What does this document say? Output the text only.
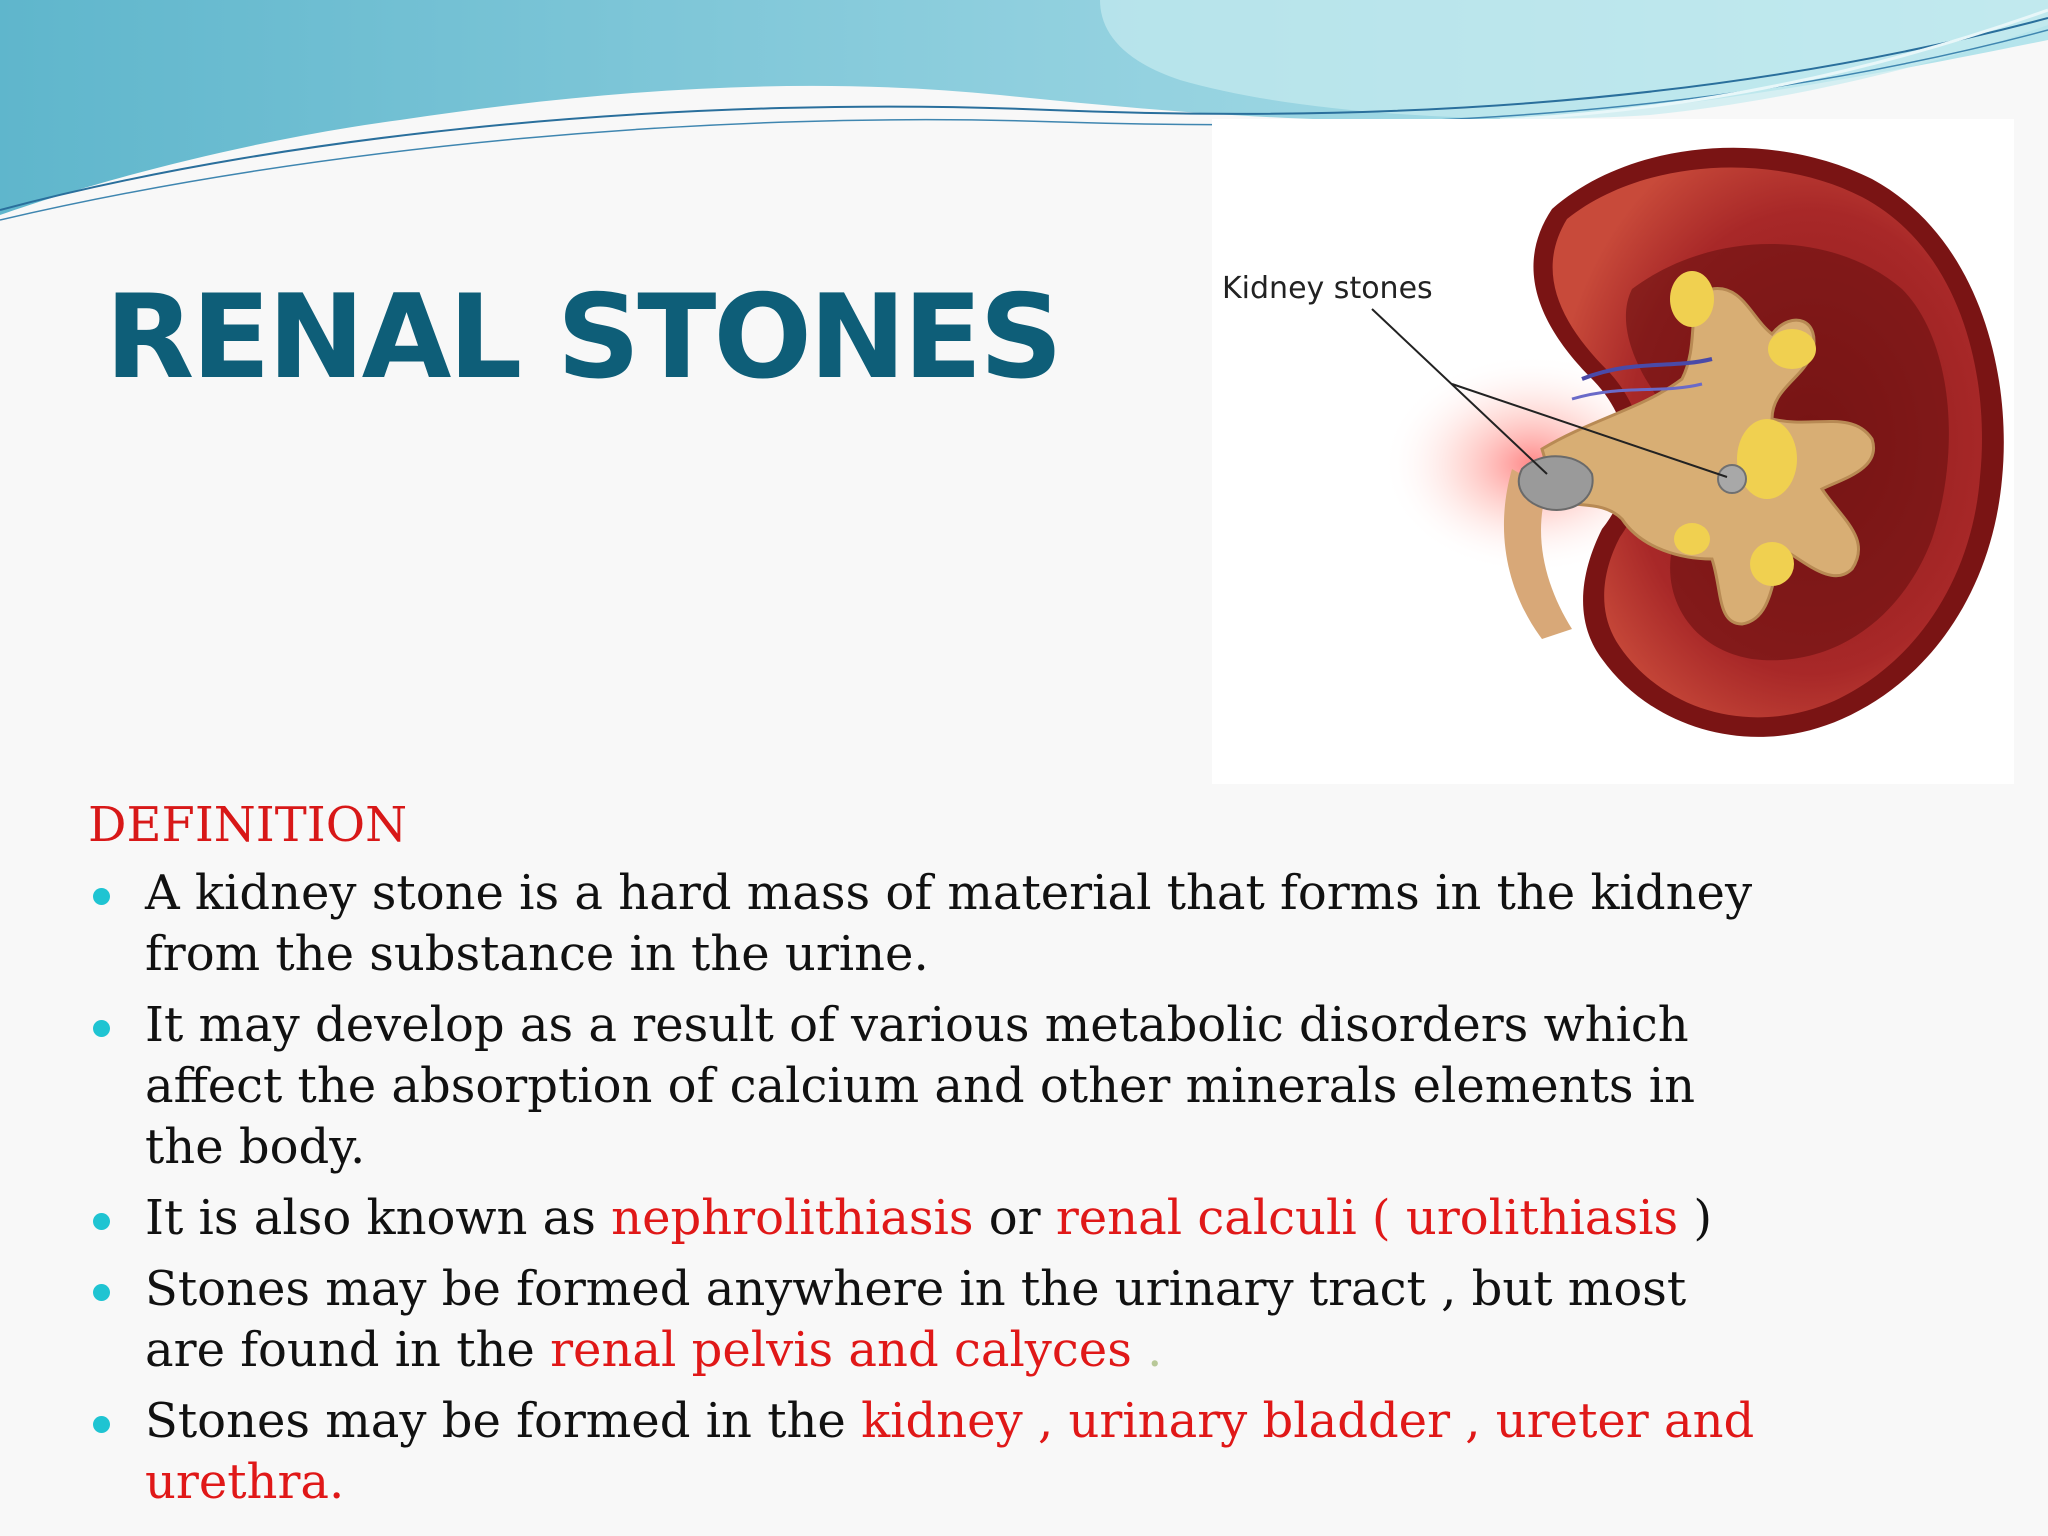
RENAL STONES	Kidney stones
DEFINITION
A kidney stone is a hard mass of material that forms in the kidney from the substance in the urine.
It may develop as a result of various metabolic disorders which affect the absorption of calcium and other minerals elements in the body.
It is also known as nephrolithiasis or renal calculi ( urolithiasis )
Stones may be formed anywhere in the urinary tract , but most are found in the renal pelvis and calyces .
Stones may be formed in the kidney , urinary bladder , ureter and urethra.
